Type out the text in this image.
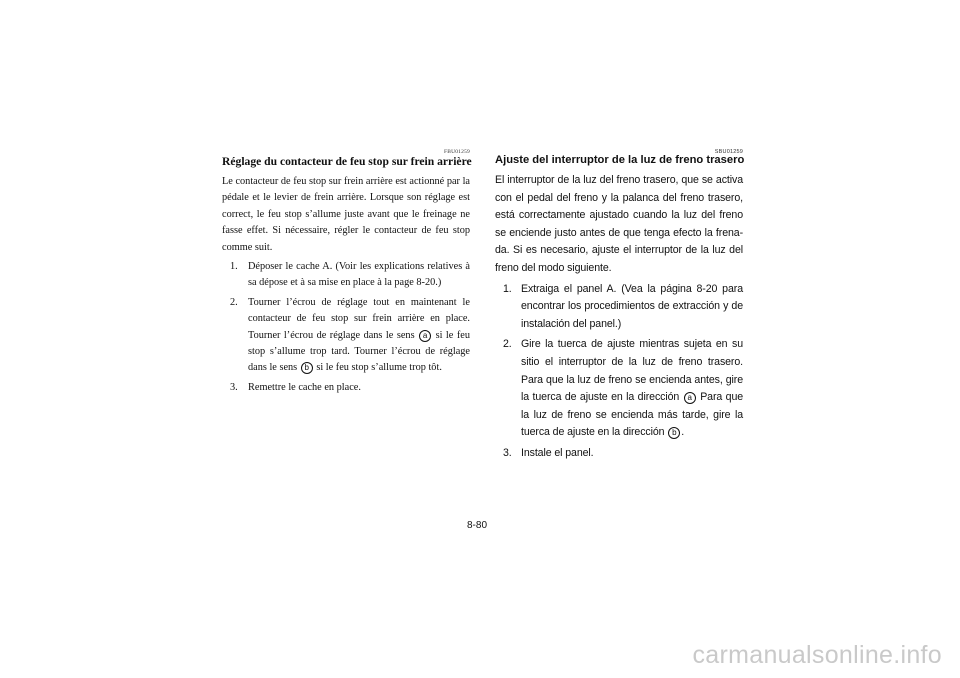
FBU01259
Réglage du contacteur de feu stop sur frein arrière

Le contacteur de feu stop sur frein arrière est actionné par la pédale et le levier de frein arrière. Lorsque son réglage est correct, le feu stop s’allume juste avant que le freinage ne fasse effet. Si nécessaire, régler le contacteur de feu stop comme suit.

1. Déposer le cache A. (Voir les explications relatives à sa dépose et à sa mise en place à la page 8-20.)
2. Tourner l’écrou de réglage tout en maintenant le contacteur de feu stop sur frein arrière en place. Tourner l’écrou de réglage dans le sens a si le feu stop s’allume trop tard. Tourner l’écrou de réglage dans le sens b si le feu stop s’allume trop tôt.
3. Remettre le cache en place.
SBU01259
Ajuste del interruptor de la luz de freno trasero

El interruptor de la luz del freno trasero, que se activa con el pedal del freno y la palanca del freno trasero, está correctamente ajustado cuando la luz del freno se enciende justo antes de que tenga efecto la frena-da. Si es necesario, ajuste el interruptor de la luz del freno del modo siguiente.

1. Extraiga el panel A. (Vea la página 8-20 para encontrar los procedimientos de extracción y de instalación del panel.)
2. Gire la tuerca de ajuste mientras sujeta en su sitio el interruptor de la luz de freno trasero. Para que la luz de freno se encienda antes, gire la tuerca de ajuste en la dirección a Para que la luz de freno se encienda más tarde, gire la tuerca de ajuste en la dirección b .
3. Instale el panel.
8-80
carmanualsonline.info
